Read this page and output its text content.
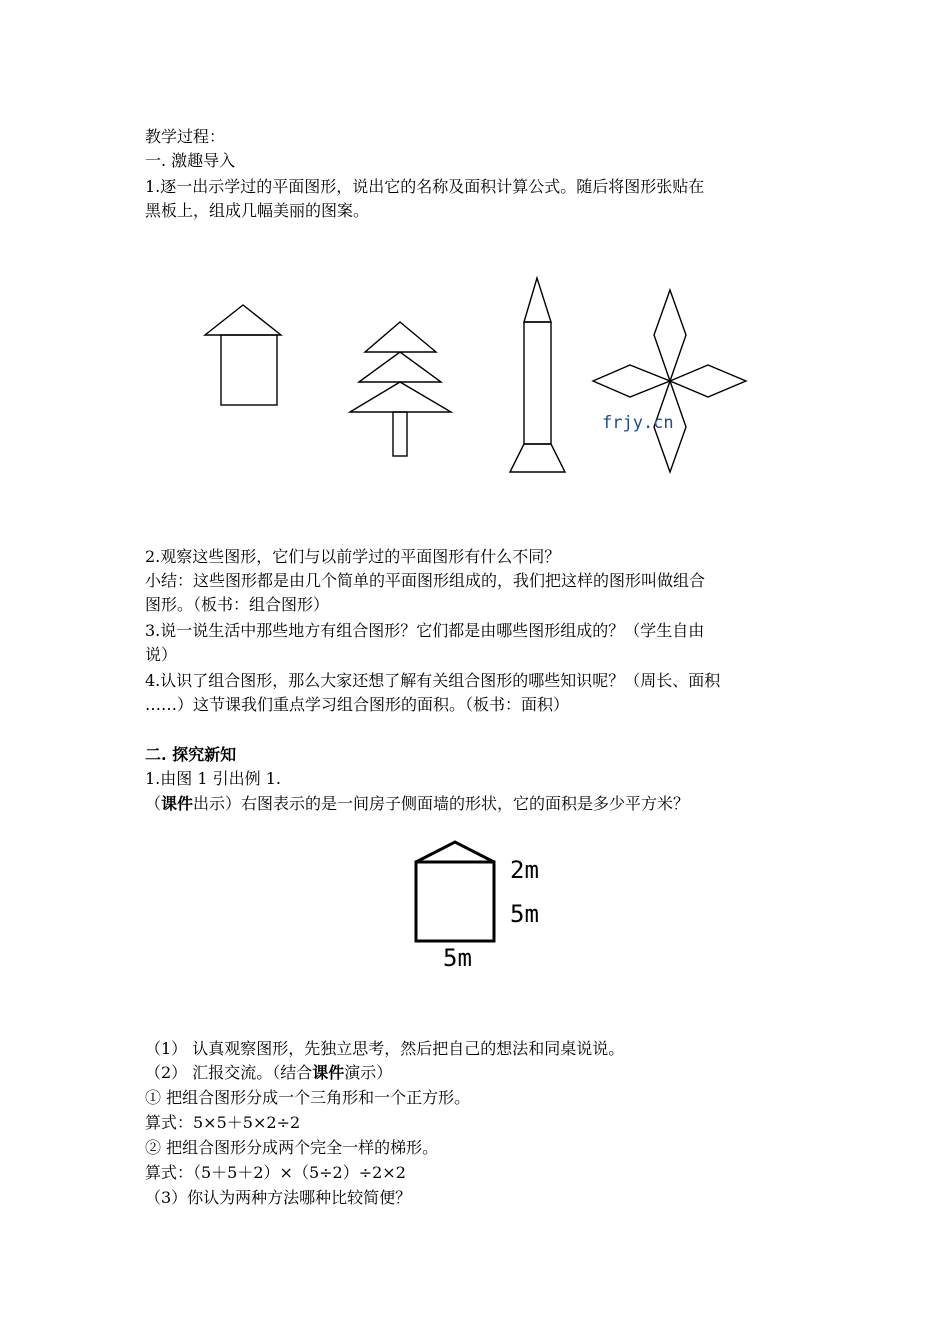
教学过程：
一. 激趣导入
1.逐一出示学过的平面图形，说出它的名称及面积计算公式。随后将图形张贴在
黑板上，组成几幅美丽的图案。
frjy.cn
2.观察这些图形，它们与以前学过的平面图形有什么不同？
小结：这些图形都是由几个简单的平面图形组成的，我们把这样的图形叫做组合
图形。（板书：组合图形）
3.说一说生活中那些地方有组合图形？它们都是由哪些图形组成的？（学生自由
说）
4.认识了组合图形，那么大家还想了解有关组合图形的哪些知识呢？（周长、面积
……）这节课我们重点学习组合图形的面积。（板书：面积）
二. 探究新知
1.由图 1 引出例 1.
（课件出示）右图表示的是一间房子侧面墙的形状，它的面积是多少平方米？
2m
5m
5m
（1） 认真观察图形，先独立思考，然后把自己的想法和同桌说说。
（2） 汇报交流。（结合课件演示）
① 把组合图形分成一个三角形和一个正方形。
算式：5×5＋5×2÷2
② 把组合图形分成两个完全一样的梯形。
算式：（5＋5＋2）×（5÷2）÷2×2
（3）你认为两种方法哪种比较简便？
